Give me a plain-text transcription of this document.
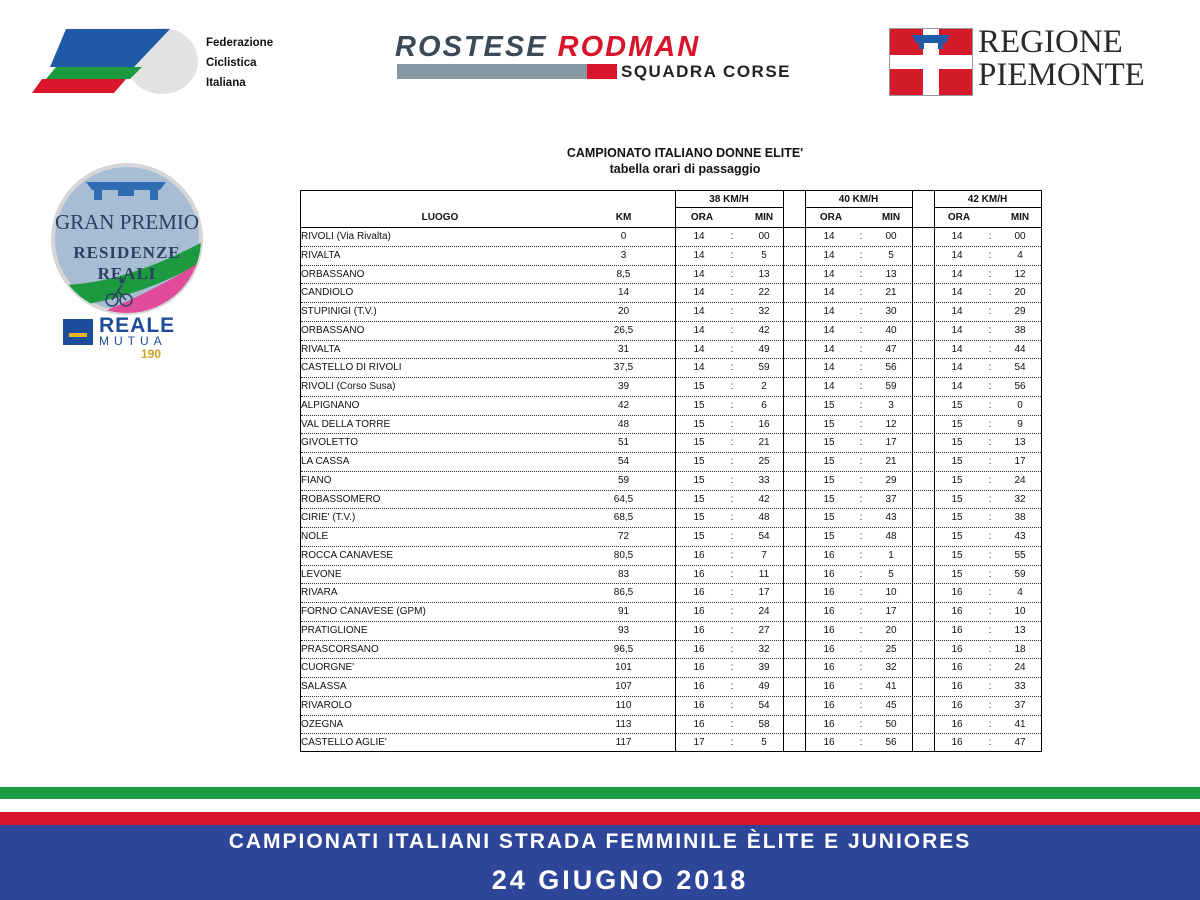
Federazione
Ciclistica
Italiana
ROSTESE RODMAN
SQUADRA CORSE
REGIONE
PIEMONTE
GRAN PREMIO
RESIDENZE
REALI
REALE
MUTUA
190
CAMPIONATO ITALIANO DONNE ELITE'
tabella orari di passaggio
38 KM/H	40 KM/H	42 KM/H
LUOGO	KM	ORA	MIN	ORA	MIN	ORA	MIN
RIVOLI (Via Rivalta)	0	14	:	00	14	:	00	14	:	00
RIVALTA	3	14	:	5	14	:	5	14	:	4
ORBASSANO	8,5	14	:	13	14	:	13	14	:	12
CANDIOLO	14	14	:	22	14	:	21	14	:	20
STUPINIGI (T.V.)	20	14	:	32	14	:	30	14	:	29
ORBASSANO	26,5	14	:	42	14	:	40	14	:	38
RIVALTA	31	14	:	49	14	:	47	14	:	44
CASTELLO DI RIVOLI	37,5	14	:	59	14	:	56	14	:	54
RIVOLI (Corso Susa)	39	15	:	2	14	:	59	14	:	56
ALPIGNANO	42	15	:	6	15	:	3	15	:	0
VAL DELLA TORRE	48	15	:	16	15	:	12	15	:	9
GIVOLETTO	51	15	:	21	15	:	17	15	:	13
LA CASSA	54	15	:	25	15	:	21	15	:	17
FIANO	59	15	:	33	15	:	29	15	:	24
ROBASSOMERO	64,5	15	:	42	15	:	37	15	:	32
CIRIE' (T.V.)	68,5	15	:	48	15	:	43	15	:	38
NOLE	72	15	:	54	15	:	48	15	:	43
ROCCA CANAVESE	80,5	16	:	7	16	:	1	15	:	55
LEVONE	83	16	:	11	16	:	5	15	:	59
RIVARA	86,5	16	:	17	16	:	10	16	:	4
FORNO CANAVESE (GPM)	91	16	:	24	16	:	17	16	:	10
PRATIGLIONE	93	16	:	27	16	:	20	16	:	13
PRASCORSANO	96,5	16	:	32	16	:	25	16	:	18
CUORGNE'	101	16	:	39	16	:	32	16	:	24
SALASSA	107	16	:	49	16	:	41	16	:	33
RIVAROLO	110	16	:	54	16	:	45	16	:	37
OZEGNA	113	16	:	58	16	:	50	16	:	41
CASTELLO AGLIE'	117	17	:	5	16	:	56	16	:	47
CAMPIONATI ITALIANI STRADA FEMMINILE ÈLITE E JUNIORES
24 GIUGNO 2018
